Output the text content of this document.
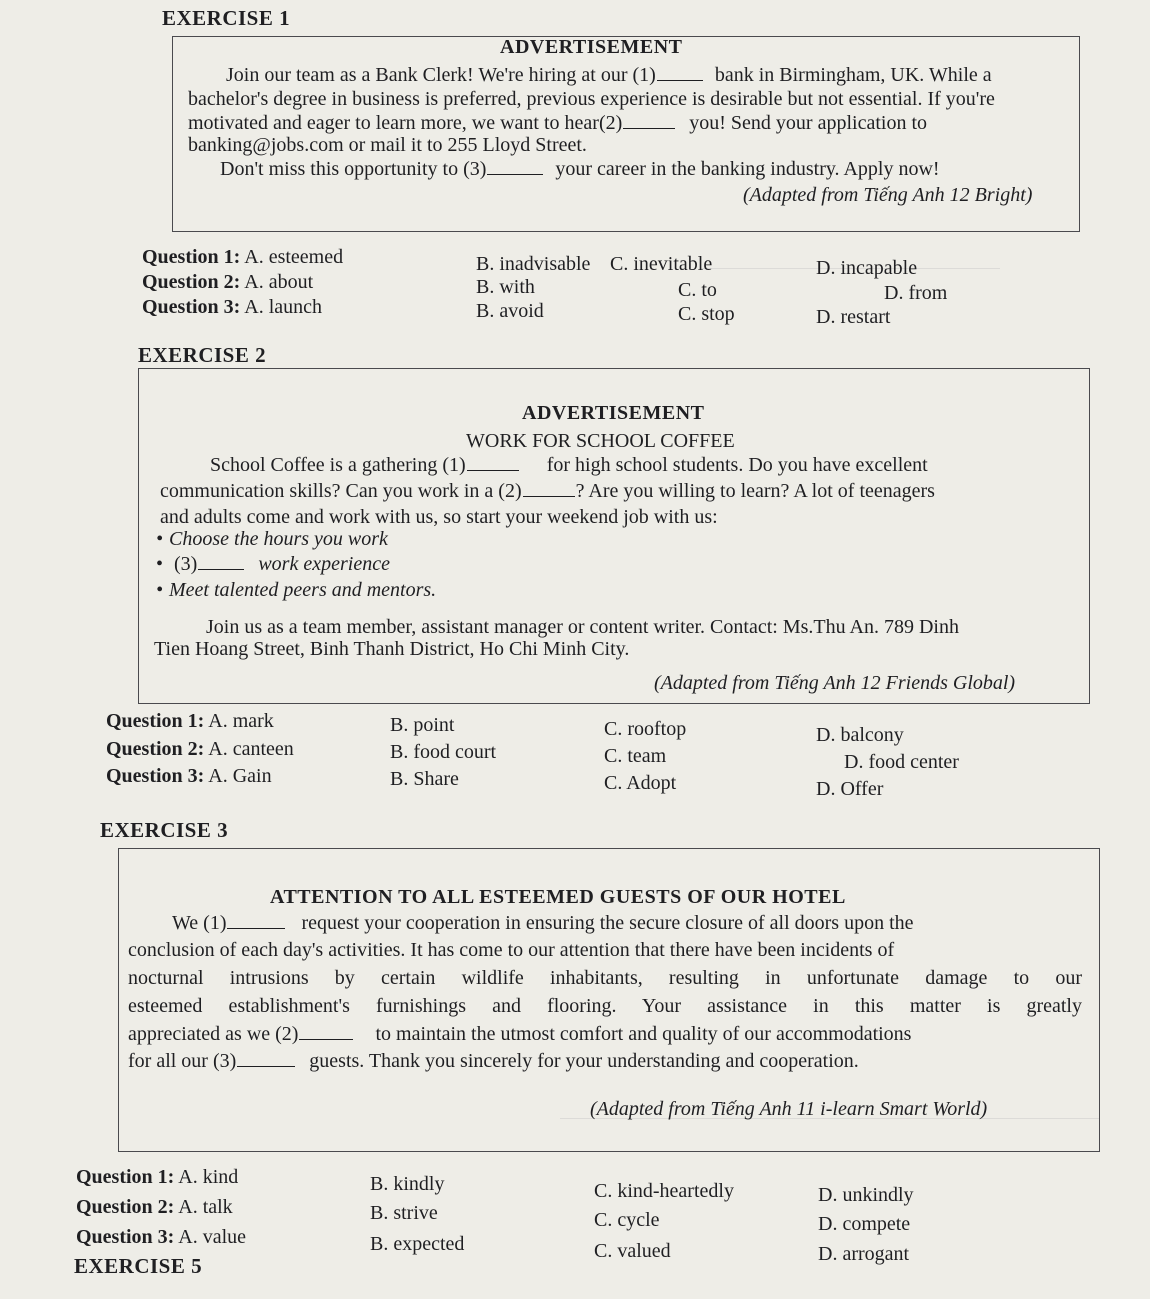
EXERCISE 1
ADVERTISEMENT
Join our team as a Bank Clerk! We're hiring at our (1)	bank in Birmingham, UK. While a
bachelor's degree in business is preferred, previous experience is desirable but not essential. If you're
motivated and eager to learn more, we want to hear(2)	you! Send your application to
banking@jobs.com or mail it to 255 Lloyd Street.
Don't miss this opportunity to (3)	your career in the banking industry. Apply now!
(Adapted from Tiếng Anh 12 Bright)
Question 1: A. esteemed	B. inadvisable C. inevitable	D. incapable
Question 2: A. about	B. with	C. to	D. from
Question 3: A. launch	B. avoid	C. stop	D. restart
EXERCISE 2
ADVERTISEMENT
WORK FOR SCHOOL COFFEE
School Coffee is a gathering (1)	for high school students. Do you have excellent
communication skills? Can you work in a (2)	? Are you willing to learn? A lot of teenagers
and adults come and work with us, so start your weekend job with us:
• Choose the hours you work
• (3)	work experience
• Meet talented peers and mentors.
Join us as a team member, assistant manager or content writer. Contact: Ms.Thu An. 789 Dinh
Tien Hoang Street, Binh Thanh District, Ho Chi Minh City.
(Adapted from Tiếng Anh 12 Friends Global)
Question 1: A. mark	B. point	C. rooftop	D. balcony
Question 2: A. canteen	B. food court	C. team	D. food center
Question 3: A. Gain	B. Share	C. Adopt	D. Offer
EXERCISE 3
ATTENTION TO ALL ESTEEMED GUESTS OF OUR HOTEL
We (1)	request your cooperation in ensuring the secure closure of all doors upon the
conclusion of each day's activities. It has come to our attention that there have been incidents of
nocturnal intrusions by certain wildlife inhabitants, resulting in unfortunate damage to our
esteemed establishment's furnishings and flooring. Your assistance in this matter is greatly
appreciated as we (2)	to maintain the utmost comfort and quality of our accommodations
for all our (3)	guests. Thank you sincerely for your understanding and cooperation.
(Adapted from Tiếng Anh 11 i-learn Smart World)
Question 1: A. kind	B. kindly	C. kind-heartedly	D. unkindly
Question 2: A. talk	B. strive	C. cycle	D. compete
Question 3: A. value	B. expected	C. valued	D. arrogant
EXERCISE 5
